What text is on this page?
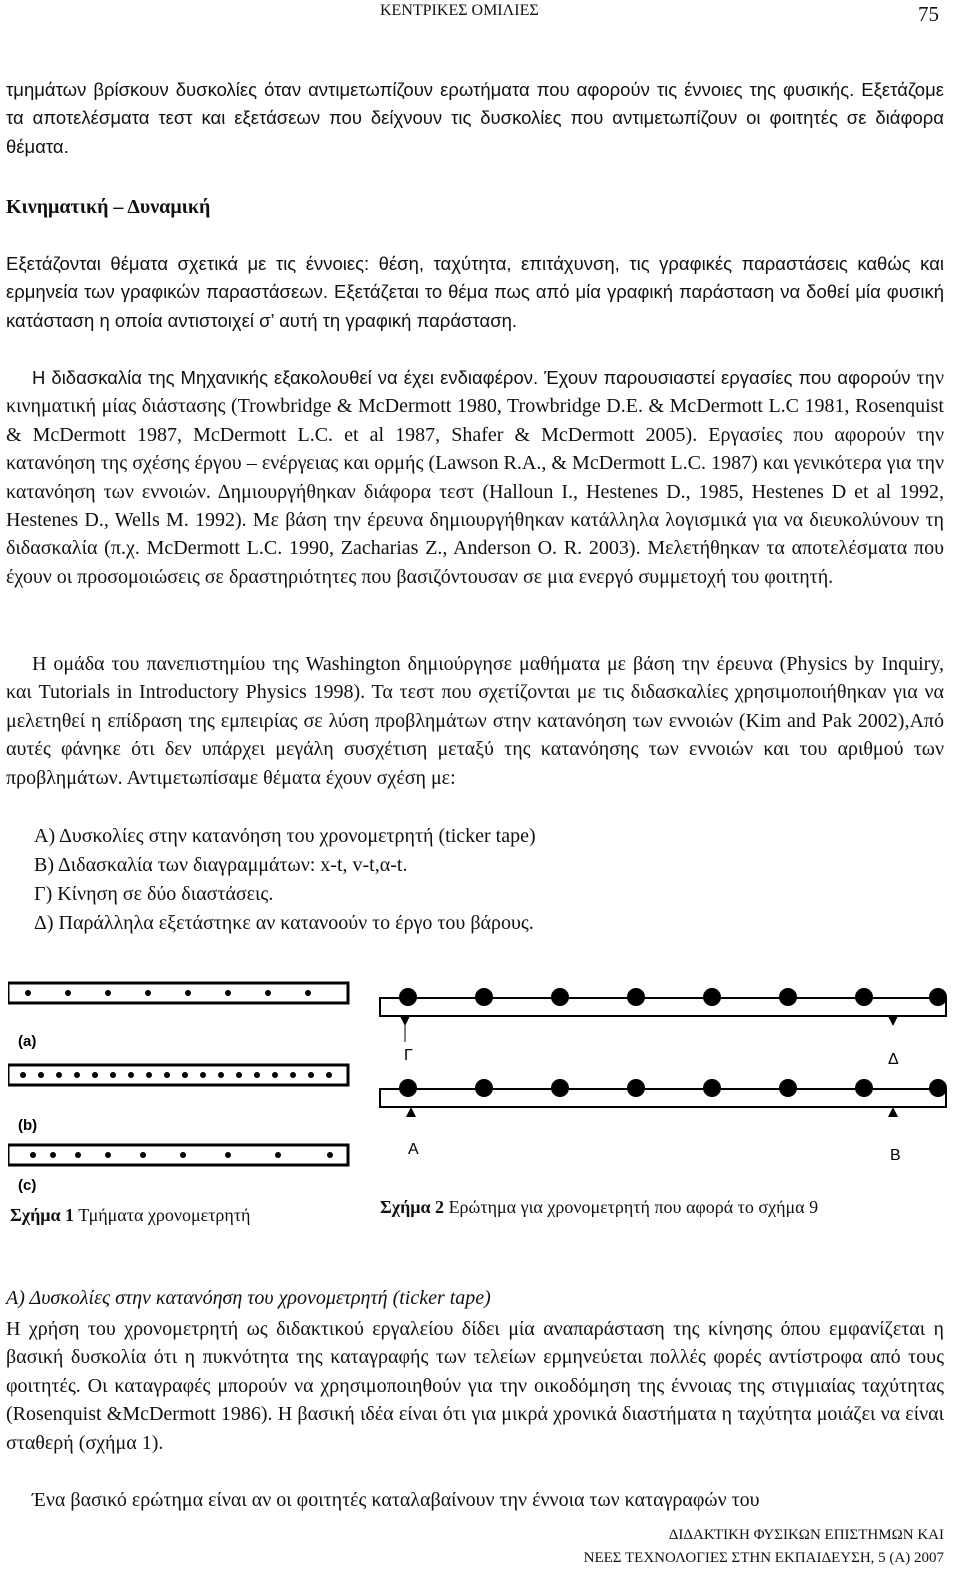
ΚΕΝΤΡΙΚΕΣ ΟΜΙΛΙΕΣ	75

τμημάτων βρίσκουν δυσκολίες όταν αντιμετωπίζουν ερωτήματα που αφορούν τις έννοιες της φυσικής. Εξετάζομε τα αποτελέσματα τεστ και εξετάσεων που δείχνουν τις δυσκολίες που αντιμετωπίζουν οι φοιτητές σε διάφορα θέματα.

Κινηματική – Δυναμική

Εξετάζονται θέματα σχετικά με τις έννοιες: θέση, ταχύτητα, επιτάχυνση, τις γραφικές παραστάσεις καθώς και ερμηνεία των γραφικών παραστάσεων. Εξετάζεται το θέμα πως από μία γραφική παράσταση να δοθεί μία φυσική κατάσταση η οποία αντιστοιχεί σ’ αυτή τη γραφική παράσταση.

Η διδασκαλία της Μηχανικής εξακολουθεί να έχει ενδιαφέρον. Έχουν παρουσιαστεί εργασίες που αφορούν την κινηματική μίας διάστασης (Trowbridge & McDermott 1980, Trowbridge D.E. & McDermott L.C 1981, Rosenquist & McDermott 1987, McDermott L.C. et al 1987, Shafer & McDermott 2005). Εργασίες που αφορούν την κατανόηση της σχέσης έργου – ενέργειας και ορμής (Lawson R.A., & McDermott L.C. 1987) και γενικότερα για την κατανόηση των εννοιών. Δημιουργήθηκαν διάφορα τεστ (Halloun I., Hestenes D., 1985, Hestenes D et al 1992, Hestenes D., Wells M. 1992). Με βάση την έρευνα δημιουργήθηκαν κατάλληλα λογισμικά για να διευκολύνουν τη διδασκαλία (π.χ. McDermott L.C. 1990, Zacharias Z., Anderson O. R. 2003). Μελετήθηκαν τα αποτελέσματα που έχουν οι προσομοιώσεις σε δραστηριότητες που βασιζόντουσαν σε μια ενεργό συμμετοχή του φοιτητή.

Η ομάδα του πανεπιστημίου της Washington δημιούργησε μαθήματα με βάση την έρευνα (Physics by Inquiry, και Tutorials in Introductory Physics 1998). Τα τεστ που σχετίζονται με τις διδασκαλίες χρησιμοποιήθηκαν για να μελετηθεί η επίδραση της εμπειρίας σε λύση προβλημάτων στην κατανόηση των εννοιών (Kim and Pak 2002),Από αυτές φάνηκε ότι δεν υπάρχει μεγάλη συσχέτιση μεταξύ της κατανόησης των εννοιών και του αριθμού των προβλημάτων. Αντιμετωπίσαμε θέματα έχουν σχέση με:

Α) Δυσκολίες στην κατανόηση του χρονομετρητή (ticker tape)
Β) Διδασκαλία των διαγραμμάτων: x-t, v-t,α-t.
Γ) Κίνηση σε δύο διαστάσεις.
Δ) Παράλληλα εξετάστηκε αν κατανοούν το έργο του βάρους.
(a)
(b)
(c)
Γ	Δ
Α	Β
Σχήμα 1 Τμήματα χρονομετρητή	Σχήμα 2 Ερώτημα για χρονομετρητή που αφορά το σχήμα 9
Α) Δυσκολίες στην κατανόηση του χρονομετρητή (ticker tape)

Η χρήση του χρονομετρητή ως διδακτικού εργαλείου δίδει μία αναπαράσταση της κίνησης όπου εμφανίζεται η βασική δυσκολία ότι η πυκνότητα της καταγραφής των τελείων ερμηνεύεται πολλές φορές αντίστροφα από τους φοιτητές. Οι καταγραφές μπορούν να χρησιμοποιηθούν για την οικοδόμηση της έννοιας της στιγμιαίας ταχύτητας (Rosenquist &McDermott 1986). Η βασική ιδέα είναι ότι για μικρά χρονικά διαστήματα η ταχύτητα μοιάζει να είναι σταθερή (σχήμα 1).

Ένα βασικό ερώτημα είναι αν οι φοιτητές καταλαβαίνουν την έννοια των καταγραφών του

ΔΙΔΑΚΤΙΚΗ ΦΥΣΙΚΩΝ ΕΠΙΣΤΗΜΩΝ ΚΑΙ
ΝΕΕΣ ΤΕΧΝΟΛΟΓΙΕΣ ΣΤΗΝ ΕΚΠΑΙΔΕΥΣΗ, 5 (Α) 2007
